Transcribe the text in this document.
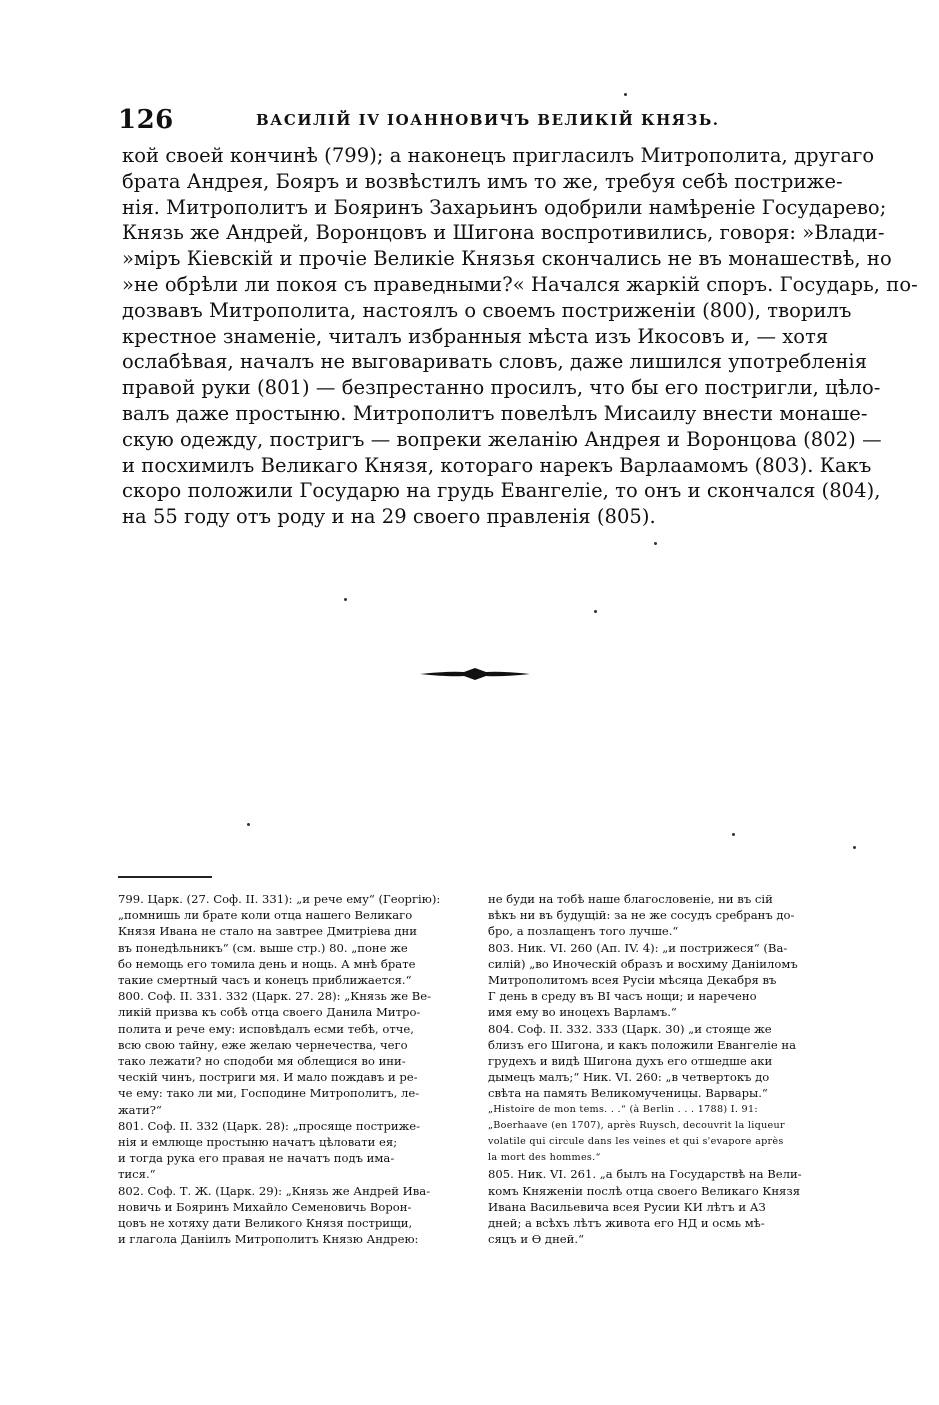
126	ВАСИЛІЙ IV ІОАННОВИЧЪ ВЕЛИКІЙ КНЯЗЬ.
кой своей кончинѣ (799); а наконецъ пригласилъ Митрополита, другаго
брата Андрея, Бояръ и возвѣстилъ имъ то же, требуя себѣ пострижe-
нія. Митрополитъ и Бояринъ Захарьинъ одобрили намѣреніе Государево;
Князь же Андрей, Воронцовъ и Шигона воспротивились, говоря: »Влади-
»міръ Кіевскій и прочіе Великіе Князья скончались не въ монашествѣ, но
»не обрѣли ли покоя съ праведными?« Начался жаркій споръ. Государь, по-
дозвавъ Митрополита, настоялъ о своемъ постриженіи (800), творилъ
крестное знаменіе, читалъ избранныя мѣста изъ Икосовъ и, — хотя
ослабѣвая, началъ не выговаривать словъ, даже лишился употребленія
правой руки (801) — безпрестанно просилъ, что бы его постригли, цѣло-
валъ даже простыню. Митрополитъ повелѣлъ Мисаилу внести монаше-
скую одежду, постригъ — вопреки желанію Андрея и Воронцова (802) —
и посхимилъ Великаго Князя, котораго нарекъ Варлаамомъ (803). Какъ
скоро положили Государю на грудь Евангеліе, то онъ и скончался (804),
на 55 году отъ роду и на 29 своего правленія (805).
799. Царк. (27. Соф. II. 331): „и рече ему“ (Георгію):
„помнишь ли брате коли отца нашего Великаго
Князя Ивана не стало на завтрее Дмитріева дни
въ понедѣльникъ“ (см. выше стр.) 80. „поне же
бо немощь его томила день и нощь. А мнѣ брате
такие смертный часъ и конецъ приближается.“
800. Соф. II. 331. 332 (Царк. 27. 28): „Князь же Ве-
ликій призва къ собѣ отца своего Данила Митро-
полита и рече ему: исповѣдалъ есми тебѣ, отче,
всю свою тайну, еже желаю чернечества, чего
тако лежати? но сподоби мя облещися во ини-
ческій чинъ, постриги мя. И мало пождавъ и ре-
че ему: тако ли ми, Господине Митрополитъ, ле-
жати?“
801. Соф. II. 332 (Царк. 28): „просяще постриже-
нія и емлюще простыню начатъ цѣловати ея;
и тогда рука его правая не начатъ подъ има-
тися.“
802. Соф. Т. Ж. (Царк. 29): „Князь же Андрей Ива-
новичь и Бояринъ Михайло Семеновичь Ворон-
цовъ не хотяху дати Великого Князя пострищи,
и глагола Даніилъ Митрополитъ Князю Андрею:
не буди на тобѣ наше благословеніе, ни въ сій
вѣкъ ни въ будущій: за не же сосудъ сребранъ до-
бро, а позлащенъ того лучше.“
803. Ник. VI. 260 (Ап. IV. 4): „и пострижеся“ (Ва-
силій) „во Иноческій образъ и восхиму Даніиломъ
Митрополитомъ всея Русіи мѣсяца Декабря въ
Г день в среду въ ВІ часъ нощи; и наречено
имя ему во иноцехъ Варламъ.“
804. Соф. II. 332. 333 (Царк. 30) „и стояще же
близъ его Шигона, и какъ положили Евангеліе на
грудехъ и видѣ Шигона духъ его отшедше аки
дымецъ малъ;“ Ник. VI. 260: „в четвертокъ до
свѣта на память Великомученицы. Варвары.“
„Histoire de mon tems. . .“ (à Berlin . . . 1788) I. 91:
„Boerhaave (en 1707), après Ruysch, decouvrit la liqueur
volatile qui circule dans les veines et qui s'evapore après
la mort des hommes.“
805. Ник. VI. 261. „а былъ на Государствѣ на Вели-
комъ Княженіи послѣ отца своего Великаго Князя
Ивана Васильевича всея Русии КИ лѣтъ и АЗ
дней; а всѣхъ лѣтъ живота его НД и осмь мѣ-
сяцъ и Ѳ дней.“
